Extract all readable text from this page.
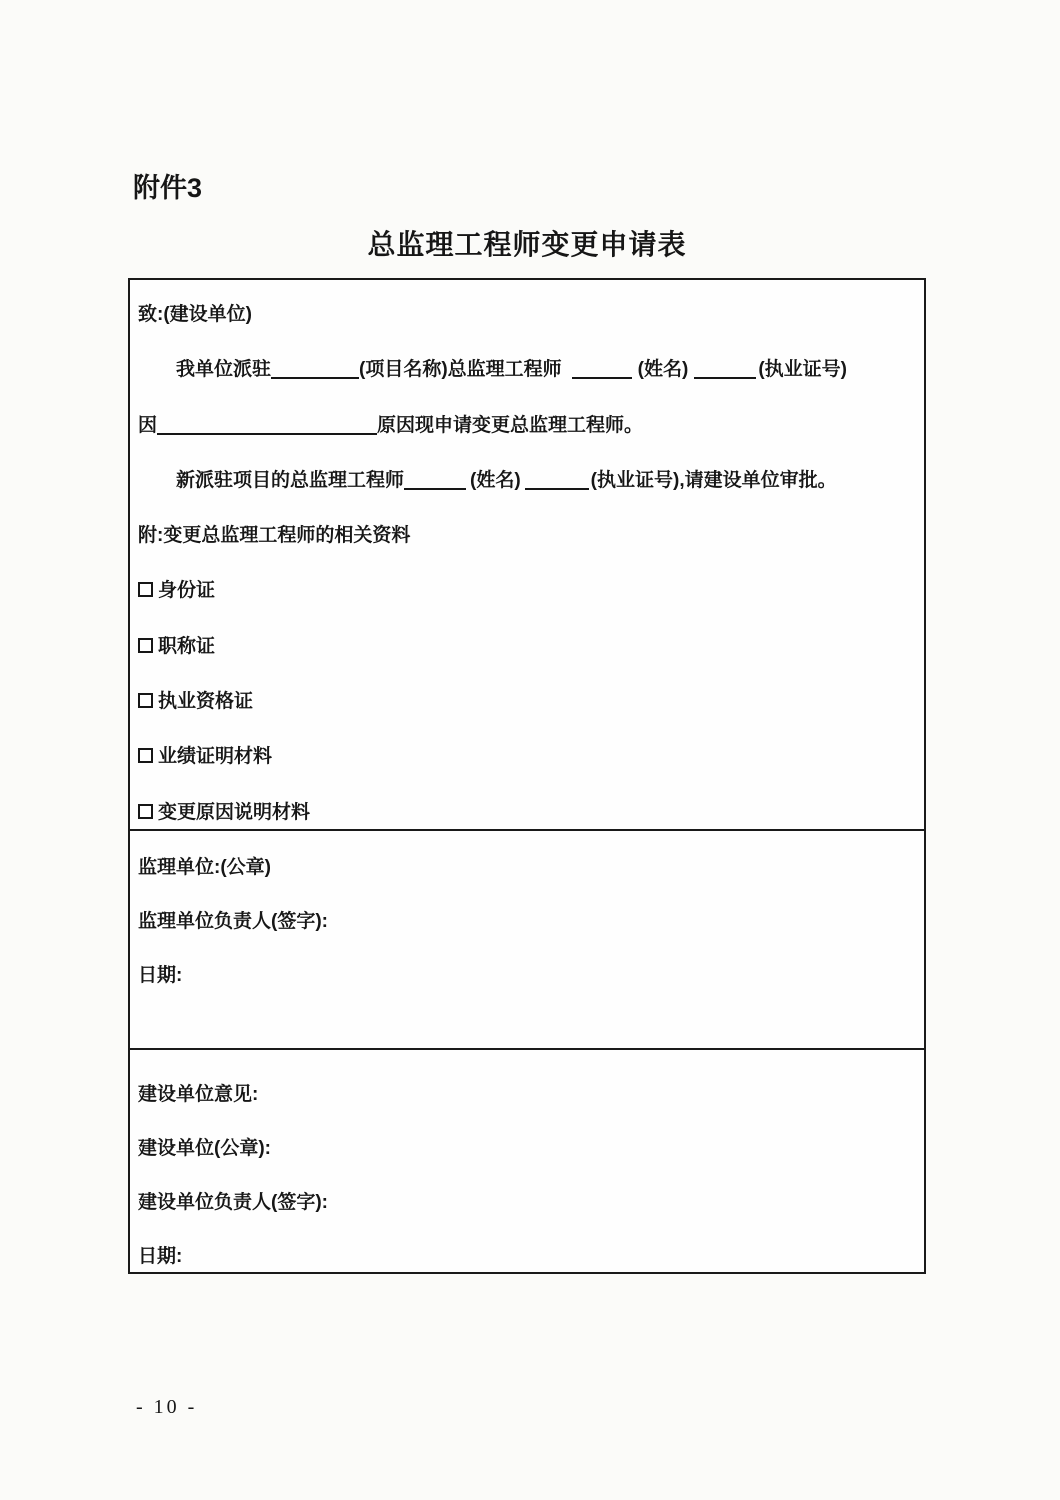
附件3
总监理工程师变更申请表
致:(建设单位)
我单位派驻	(项目名称)总监理工程师	(姓名)	(执业证号)
因	原因现申请变更总监理工程师。
新派驻项目的总监理工程师	(姓名)	(执业证号),请建设单位审批。
附:变更总监理工程师的相关资料
身份证
职称证
执业资格证
业绩证明材料
变更原因说明材料
监理单位:(公章)
监理单位负责人(签字):
日期:
建设单位意见:
建设单位(公章):
建设单位负责人(签字):
日期:
- 10 -
